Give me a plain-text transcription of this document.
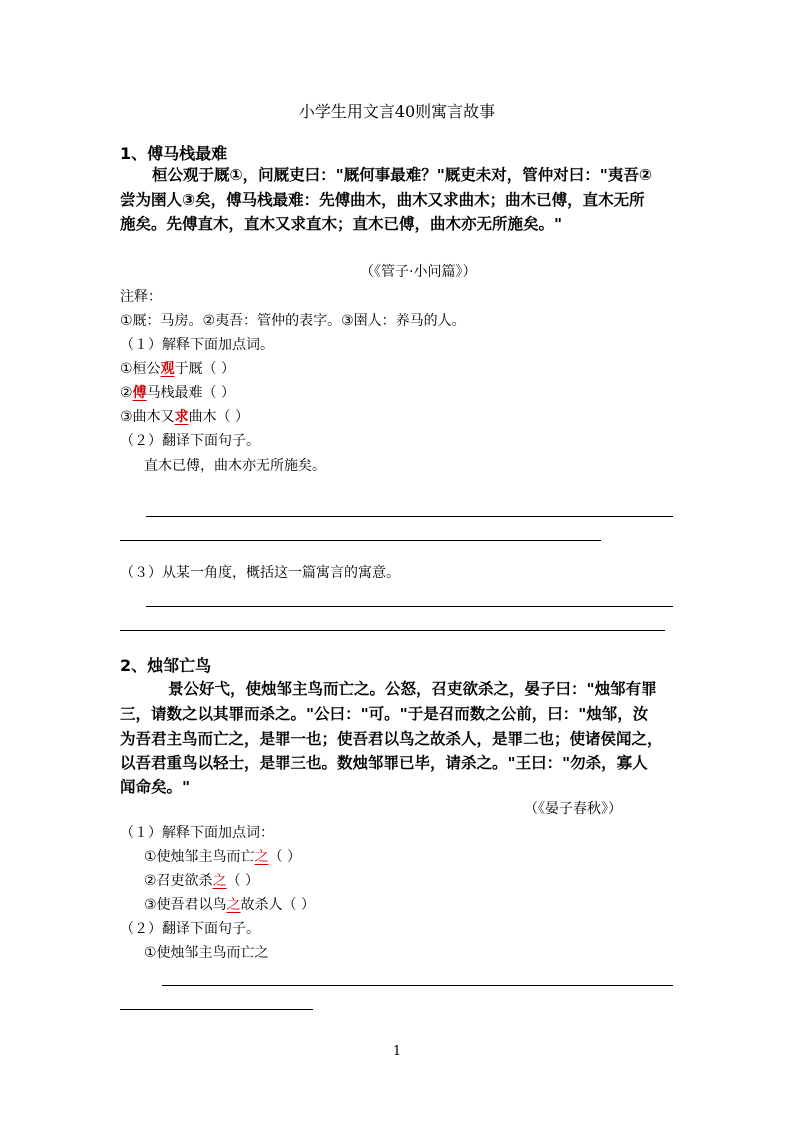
小学生用文言40则寓言故事
1、傅马栈最难
桓公观于厩①，问厩吏曰："厩何事最难？"厩吏未对，管仲对曰："夷吾②
尝为圉人③矣，傅马栈最难：先傅曲木，曲木又求曲木；曲木已傅，直木无所
施矣。先傅直木，直木又求直木；直木已傅，曲木亦无所施矣。"
（《管子·小问篇》）
注释：
①厩：马房。②夷吾：管仲的表字。③圉人：养马的人。
（１）解释下面加点词。
①桓公观于厩（ ）
②傅马栈最难（ ）
③曲木又求曲木（ ）
（２）翻译下面句子。
直木已傅，曲木亦无所施矣。
（３）从某一角度，概括这一篇寓言的寓意。
2、烛邹亡鸟
景公好弋，使烛邹主鸟而亡之。公怒，召吏欲杀之，晏子曰："烛邹有罪
三，请数之以其罪而杀之。"公曰："可。"于是召而数之公前，曰："烛邹，汝
为吾君主鸟而亡之，是罪一也；使吾君以鸟之故杀人，是罪二也；使诸侯闻之，
以吾君重鸟以轻士，是罪三也。数烛邹罪已毕，请杀之。"王曰："勿杀，寡人
闻命矣。"
（《晏子春秋》）
（１）解释下面加点词：
①使烛邹主鸟而亡之（ ）
②召吏欲杀之（ ）
③使吾君以鸟之故杀人（ ）
（２）翻译下面句子。
①使烛邹主鸟而亡之
1
